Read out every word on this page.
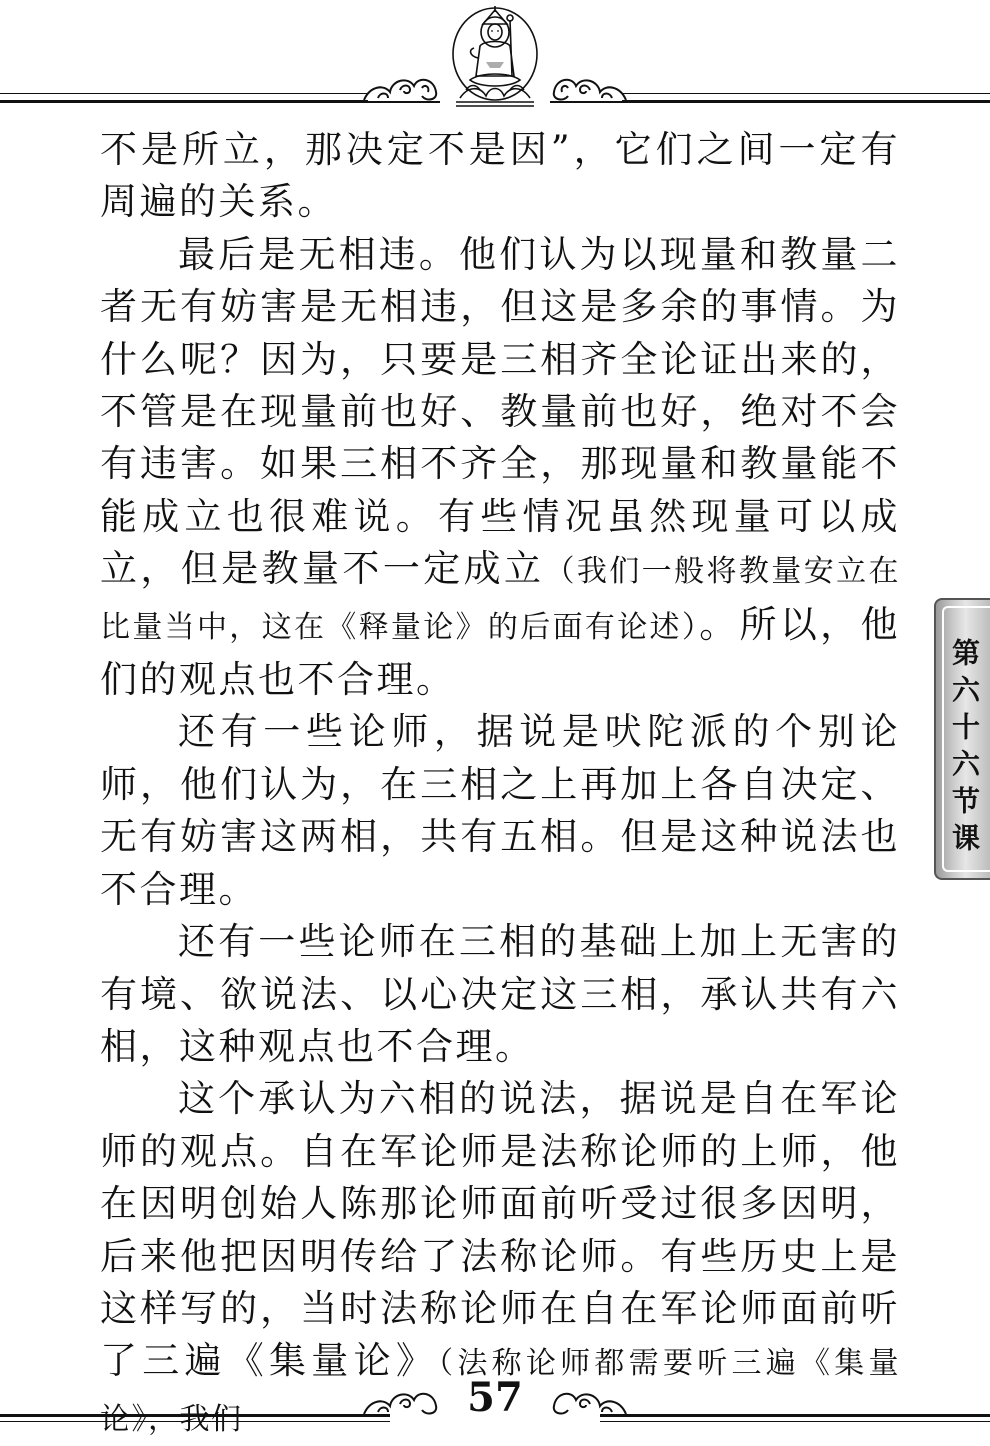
不是所立，那决定不是因”，它们之间一定有周遍的关系。

最后是无相违。他们认为以现量和教量二者无有妨害是无相违，但这是多余的事情。为什么呢？因为，只要是三相齐全论证出来的，不管是在现量前也好、教量前也好，绝对不会有违害。如果三相不齐全，那现量和教量能不能成立也很难说。有些情况虽然现量可以成立，但是教量不一定成立（我们一般将教量安立在比量当中，这在《释量论》的后面有论述）。所以，他们的观点也不合理。

还有一些论师，据说是吠陀派的个别论师，他们认为，在三相之上再加上各自决定、无有妨害这两相，共有五相。但是这种说法也不合理。

还有一些论师在三相的基础上加上无害的有境、欲说法、以心决定这三相，承认共有六相，这种观点也不合理。

这个承认为六相的说法，据说是自在军论师的观点。自在军论师是法称论师的上师，他在因明创始人陈那论师面前听受过很多因明，后来他把因明传给了法称论师。有些历史上是这样写的，当时法称论师在自在军论师面前听了三遍《集量论》（法称论师都需要听三遍《集量论》，我们

第六十六节课
57
